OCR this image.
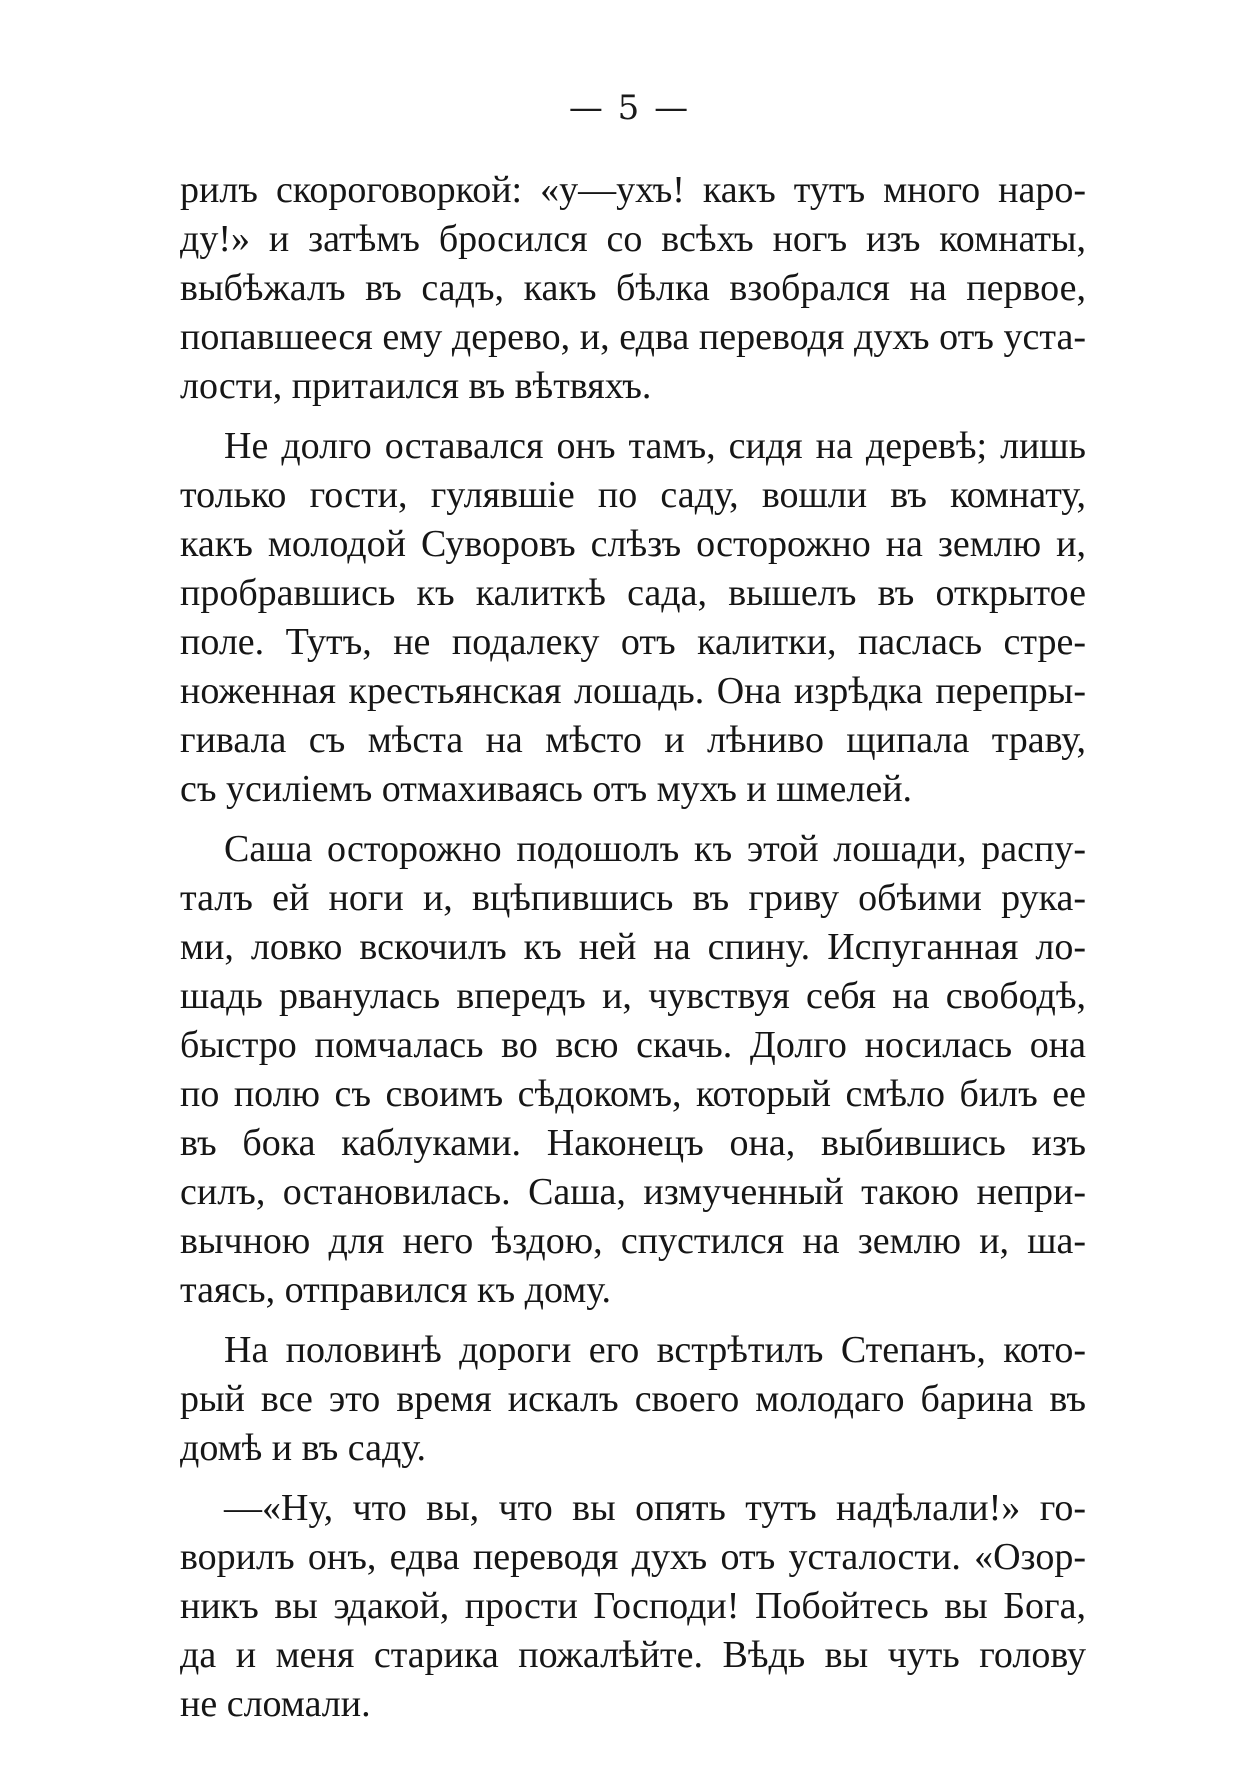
— 5 —
рилъ скороговоркой: «у—ухъ! какъ тутъ много наро-
ду!» и затѣмъ бросился со всѣхъ ногъ изъ комнаты,
выбѣжалъ въ садъ, какъ бѣлка взобрался на первое,
попавшееся ему дерево, и, едва переводя духъ отъ уста-
лости, притаился въ вѣтвяхъ.
Не долго оставался онъ тамъ, сидя на деревѣ; лишь
только гости, гулявшіе по саду, вошли въ комнату,
какъ молодой Суворовъ слѣзъ осторожно на землю и,
пробравшись къ калиткѣ сада, вышелъ въ открытое
поле. Тутъ, не подалеку отъ калитки, паслась стре-
ноженная крестьянская лошадь. Она изрѣдка перепры-
гивала съ мѣста на мѣсто и лѣниво щипала траву,
съ усиліемъ отмахиваясь отъ мухъ и шмелей.
Саша осторожно подошолъ къ этой лошади, распу-
талъ ей ноги и, вцѣпившись въ гриву обѣими рука-
ми, ловко вскочилъ къ ней на спину. Испуганная ло-
шадь рванулась впередъ и, чувствуя себя на свободѣ,
быстро помчалась во всю скачь. Долго носилась она
по полю съ своимъ сѣдокомъ, который смѣло билъ ее
въ бока каблуками. Наконецъ она, выбившись изъ
силъ, остановилась. Саша, измученный такою непри-
вычною для него ѣздою, спустился на землю и, ша-
таясь, отправился къ дому.
На половинѣ дороги его встрѣтилъ Степанъ, кото-
рый все это время искалъ своего молодаго барина въ
домѣ и въ саду.
—«Ну, что вы, что вы опять тутъ надѣлали!» го-
ворилъ онъ, едва переводя духъ отъ усталости. «Озор-
никъ вы эдакой, прости Господи! Побойтесь вы Бога,
да и меня старика пожалѣйте. Вѣдь вы чуть голову
не сломали.
